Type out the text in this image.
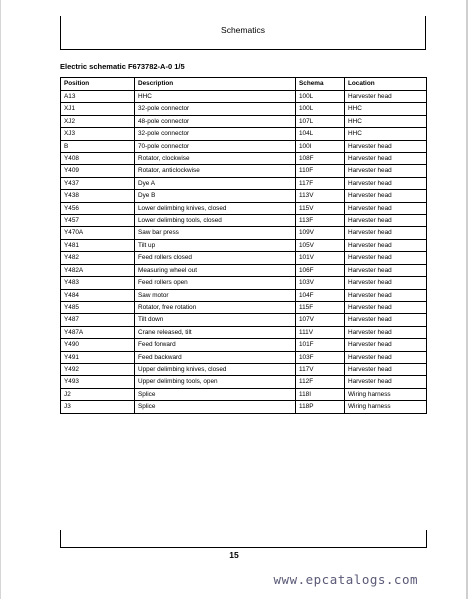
Schematics
Electric schematic F673782-A-0 1/5
Position	Description	Schema	Location
A13	HHC	100L	Harvester head
XJ1	32-pole connector	100L	HHC
XJ2	48-pole connector	107L	HHC
XJ3	32-pole connector	104L	HHC
B	70-pole connector	100I	Harvester head
Y408	Rotator, clockwise	108F	Harvester head
Y409	Rotator, anticlockwise	110F	Harvester head
Y437	Dye A	117F	Harvester head
Y438	Dye B	113V	Harvester head
Y456	Lower delimbing knives, closed	115V	Harvester head
Y457	Lower delimbing tools, closed	113F	Harvester head
Y470A	Saw bar press	109V	Harvester head
Y481	Tilt up	105V	Harvester head
Y482	Feed rollers closed	101V	Harvester head
Y482A	Measuring wheel out	106F	Harvester head
Y483	Feed rollers open	103V	Harvester head
Y484	Saw motor	104F	Harvester head
Y485	Rotator, free rotation	115F	Harvester head
Y487	Tilt down	107V	Harvester head
Y487A	Crane released, tilt	111V	Harvester head
Y490	Feed forward	101F	Harvester head
Y491	Feed backward	103F	Harvester head
Y492	Upper delimbing knives, closed	117V	Harvester head
Y493	Upper delimbing tools, open	112F	Harvester head
J2	Splice	118I	Wiring harness
J3	Splice	118P	Wiring harness
15
www.epcatalogs.com
